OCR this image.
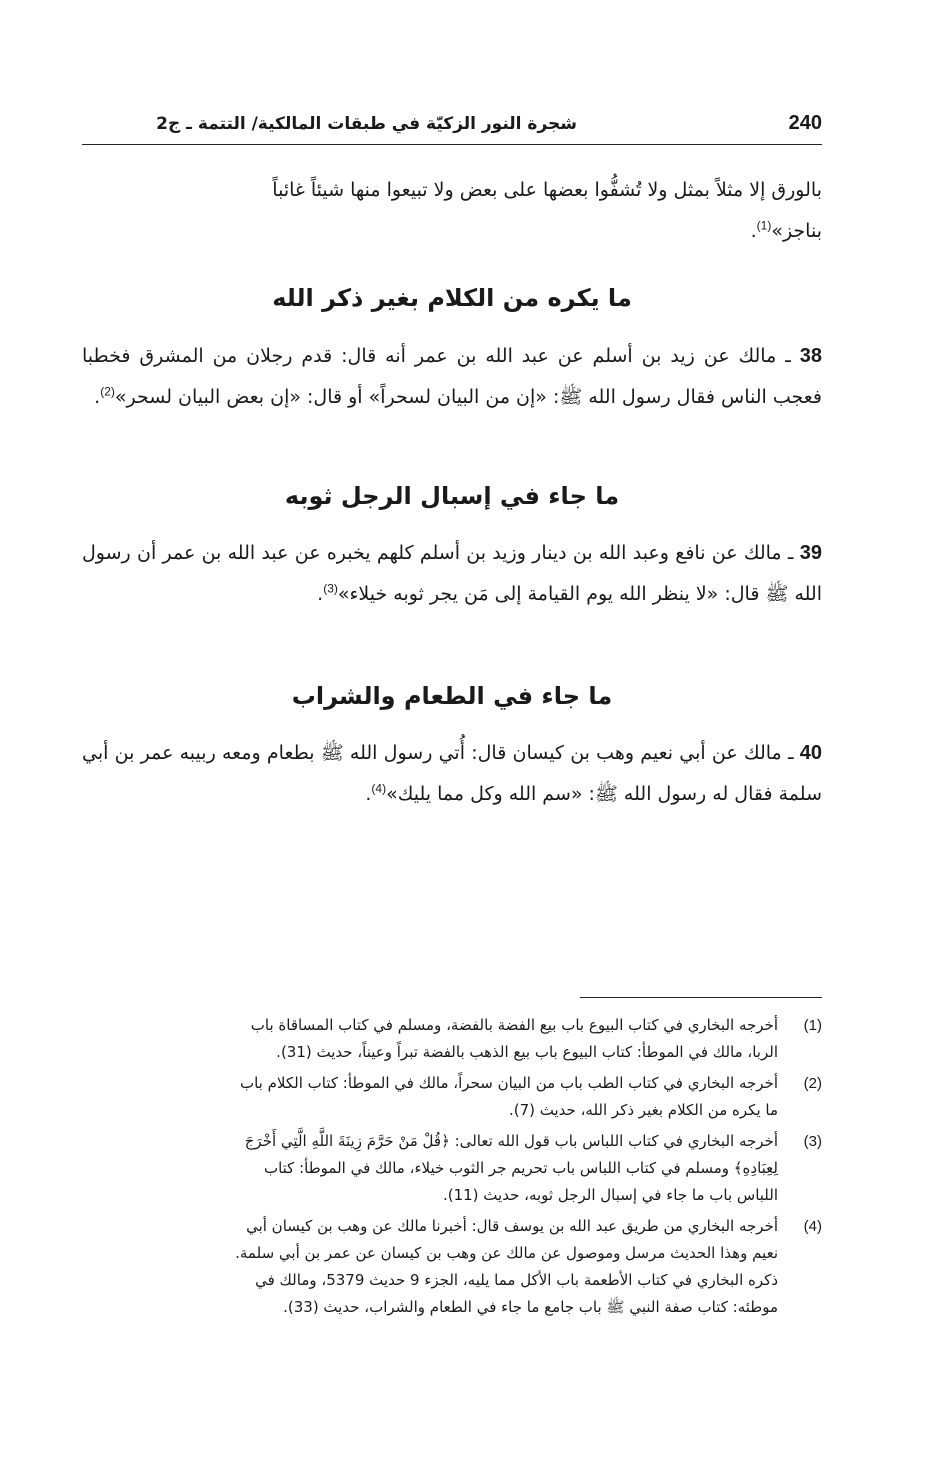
240
شجرة النور الزكيّة في طبقات المالكية/ التتمة ـ ج2
بالورق إلا مثلاً بمثل ولا تُشفُّوا بعضها على بعض ولا تبيعوا منها شيئاً غائباً
بناجز»$^{(1)}$.
ما يكره من الكلام بغير ذكر الله
38 ـ مالك عن زيد بن أسلم عن عبد الله بن عمر أنه قال: قدم رجلان من المشرق فخطبا فعجب الناس فقال رسول الله ﷺ: «إن من البيان لسحراً» أو قال: «إن بعض البيان لسحر»$^{(2)}$.
ما جاء في إسبال الرجل ثوبه
39 ـ مالك عن نافع وعبد الله بن دينار وزيد بن أسلم كلهم يخبره عن عبد الله بن عمر أن رسول الله ﷺ قال: «لا ينظر الله يوم القيامة إلى مَن يجر ثوبه خيلاء»$^{(3)}$.
ما جاء في الطعام والشراب
40 ـ مالك عن أبي نعيم وهب بن كيسان قال: أُتي رسول الله ﷺ بطعام ومعه ربيبه عمر بن أبي سلمة فقال له رسول الله ﷺ: «سم الله وكل مما يليك»$^{(4)}$.
(1)
أخرجه البخاري في كتاب البيوع باب بيع الفضة بالفضة، ومسلم في كتاب المساقاة باب
الربا، مالك في الموطأ: كتاب البيوع باب بيع الذهب بالفضة تبراً وعيناً، حديث (31).
(2)
أخرجه البخاري في كتاب الطب باب من البيان سحراً، مالك في الموطأ: كتاب الكلام باب
ما يكره من الكلام بغير ذكر الله، حديث (7).
(3)
أخرجه البخاري في كتاب اللباس باب قول الله تعالى: ﴿قُلْ مَنْ حَرَّمَ زِينَةَ اللَّهِ الَّتِي أَخْرَجَ
لِعِبَادِهِ﴾ ومسلم في كتاب اللباس باب تحريم جر الثوب خيلاء، مالك في الموطأ: كتاب
اللباس باب ما جاء في إسبال الرجل ثوبه، حديث (11).
(4)
أخرجه البخاري من طريق عبد الله بن يوسف قال: أخبرنا مالك عن وهب بن كيسان أبي
نعيم وهذا الحديث مرسل وموصول عن مالك عن وهب بن كيسان عن عمر بن أبي سلمة.
ذكره البخاري في كتاب الأطعمة باب الأكل مما يليه، الجزء 9 حديث 5379، ومالك في
موطئه: كتاب صفة النبي ﷺ باب جامع ما جاء في الطعام والشراب، حديث (33).
